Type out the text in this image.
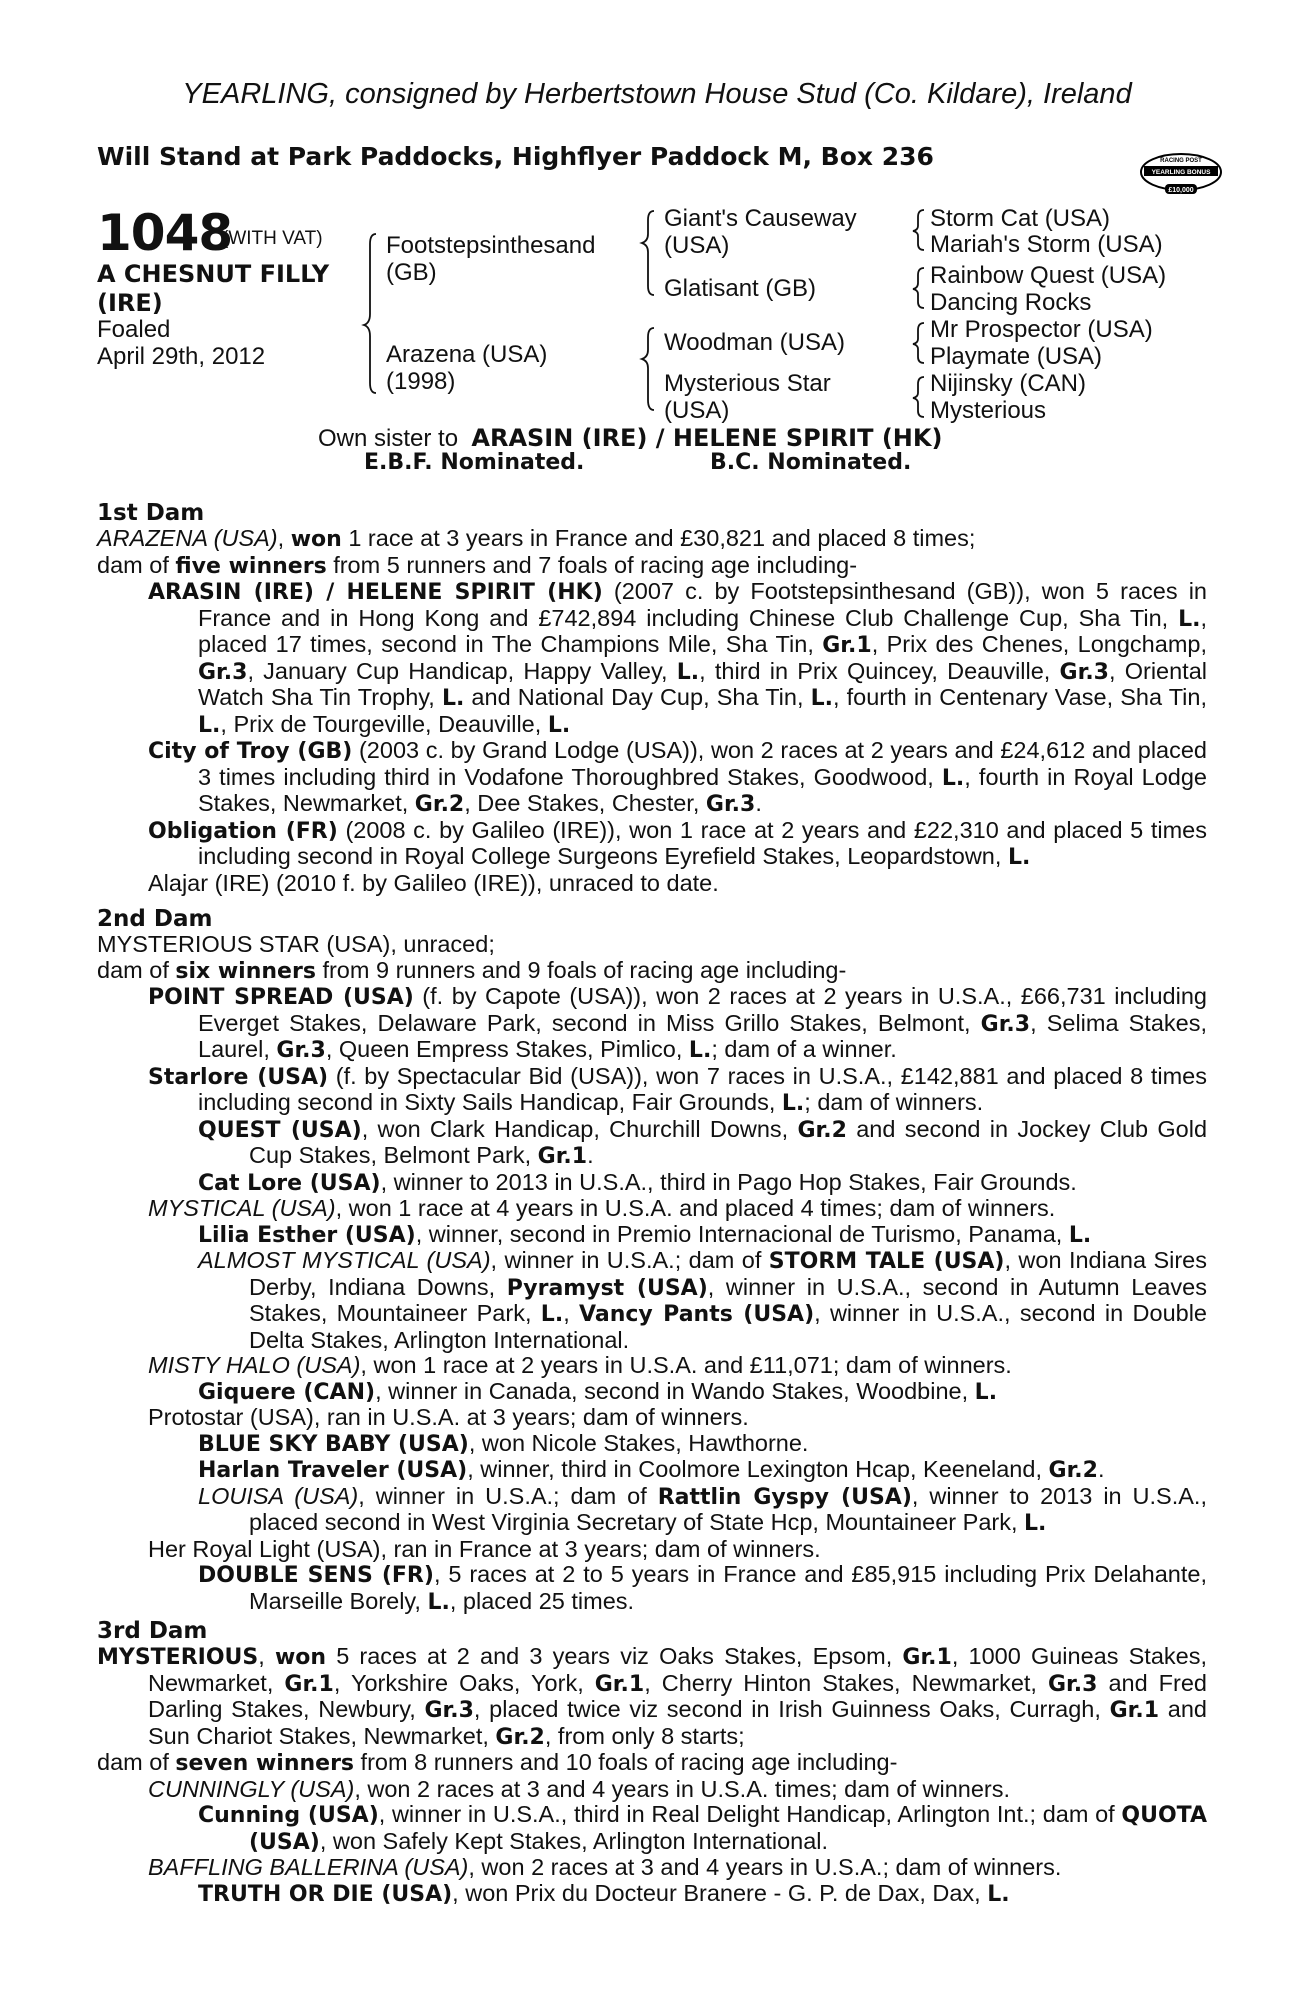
YEARLING, consigned by Herbertstown House Stud (Co. Kildare), Ireland
Will Stand at Park Paddocks, Highflyer Paddock M, Box 236	RACING POST
YEARLING BONUS
£10,000
1048
(WITH VAT)
A CHESNUT FILLY
(IRE)
Foaled
April 29th, 2012
Footstepsinthesand
(GB)
Arazena (USA)
(1998)
Giant's Causeway
(USA)
Glatisant (GB)
Woodman (USA)
Mysterious Star
(USA)
Storm Cat (USA)
Mariah's Storm (USA)
Rainbow Quest (USA)
Dancing Rocks
Mr Prospector (USA)
Playmate (USA)
Nijinsky (CAN)
Mysterious
Own sister to ARASIN (IRE) / HELENE SPIRIT (HK)
E.B.F. Nominated.	B.C. Nominated.
1st Dam
ARAZENA (USA), won 1 race at 3 years in France and £30,821 and placed 8 times;
dam of five winners from 5 runners and 7 foals of racing age including-
ARASIN (IRE) / HELENE SPIRIT (HK) (2007 c. by Footstepsinthesand (GB)), won 5 races in France and in Hong Kong and £742,894 including Chinese Club Challenge Cup, Sha Tin, L., placed 17 times, second in The Champions Mile, Sha Tin, Gr.1, Prix des Chenes, Longchamp, Gr.3, January Cup Handicap, Happy Valley, L., third in Prix Quincey, Deauville, Gr.3, Oriental Watch Sha Tin Trophy, L. and National Day Cup, Sha Tin, L., fourth in Centenary Vase, Sha Tin, L., Prix de Tourgeville, Deauville, L.
City of Troy (GB) (2003 c. by Grand Lodge (USA)), won 2 races at 2 years and £24,612 and placed 3 times including third in Vodafone Thoroughbred Stakes, Goodwood, L., fourth in Royal Lodge Stakes, Newmarket, Gr.2, Dee Stakes, Chester, Gr.3.
Obligation (FR) (2008 c. by Galileo (IRE)), won 1 race at 2 years and £22,310 and placed 5 times including second in Royal College Surgeons Eyrefield Stakes, Leopardstown, L.
Alajar (IRE) (2010 f. by Galileo (IRE)), unraced to date.
2nd Dam
MYSTERIOUS STAR (USA), unraced;
dam of six winners from 9 runners and 9 foals of racing age including-
POINT SPREAD (USA) (f. by Capote (USA)), won 2 races at 2 years in U.S.A., £66,731 including Everget Stakes, Delaware Park, second in Miss Grillo Stakes, Belmont, Gr.3, Selima Stakes, Laurel, Gr.3, Queen Empress Stakes, Pimlico, L.; dam of a winner.
Starlore (USA) (f. by Spectacular Bid (USA)), won 7 races in U.S.A., £142,881 and placed 8 times including second in Sixty Sails Handicap, Fair Grounds, L.; dam of winners.
QUEST (USA), won Clark Handicap, Churchill Downs, Gr.2 and second in Jockey Club Gold Cup Stakes, Belmont Park, Gr.1.
Cat Lore (USA), winner to 2013 in U.S.A., third in Pago Hop Stakes, Fair Grounds.
MYSTICAL (USA), won 1 race at 4 years in U.S.A. and placed 4 times; dam of winners.
Lilia Esther (USA), winner, second in Premio Internacional de Turismo, Panama, L.
ALMOST MYSTICAL (USA), winner in U.S.A.; dam of STORM TALE (USA), won Indiana Sires Derby, Indiana Downs, Pyramyst (USA), winner in U.S.A., second in Autumn Leaves Stakes, Mountaineer Park, L., Vancy Pants (USA), winner in U.S.A., second in Double Delta Stakes, Arlington International.
MISTY HALO (USA), won 1 race at 2 years in U.S.A. and £11,071; dam of winners.
Giquere (CAN), winner in Canada, second in Wando Stakes, Woodbine, L.
Protostar (USA), ran in U.S.A. at 3 years; dam of winners.
BLUE SKY BABY (USA), won Nicole Stakes, Hawthorne.
Harlan Traveler (USA), winner, third in Coolmore Lexington Hcap, Keeneland, Gr.2.
LOUISA (USA), winner in U.S.A.; dam of Rattlin Gyspy (USA), winner to 2013 in U.S.A., placed second in West Virginia Secretary of State Hcp, Mountaineer Park, L.
Her Royal Light (USA), ran in France at 3 years; dam of winners.
DOUBLE SENS (FR), 5 races at 2 to 5 years in France and £85,915 including Prix Delahante, Marseille Borely, L., placed 25 times.
3rd Dam
MYSTERIOUS, won 5 races at 2 and 3 years viz Oaks Stakes, Epsom, Gr.1, 1000 Guineas Stakes, Newmarket, Gr.1, Yorkshire Oaks, York, Gr.1, Cherry Hinton Stakes, Newmarket, Gr.3 and Fred Darling Stakes, Newbury, Gr.3, placed twice viz second in Irish Guinness Oaks, Curragh, Gr.1 and Sun Chariot Stakes, Newmarket, Gr.2, from only 8 starts;
dam of seven winners from 8 runners and 10 foals of racing age including-
CUNNINGLY (USA), won 2 races at 3 and 4 years in U.S.A. times; dam of winners.
Cunning (USA), winner in U.S.A., third in Real Delight Handicap, Arlington Int.; dam of QUOTA (USA), won Safely Kept Stakes, Arlington International.
BAFFLING BALLERINA (USA), won 2 races at 3 and 4 years in U.S.A.; dam of winners.
TRUTH OR DIE (USA), won Prix du Docteur Branere - G. P. de Dax, Dax, L.
